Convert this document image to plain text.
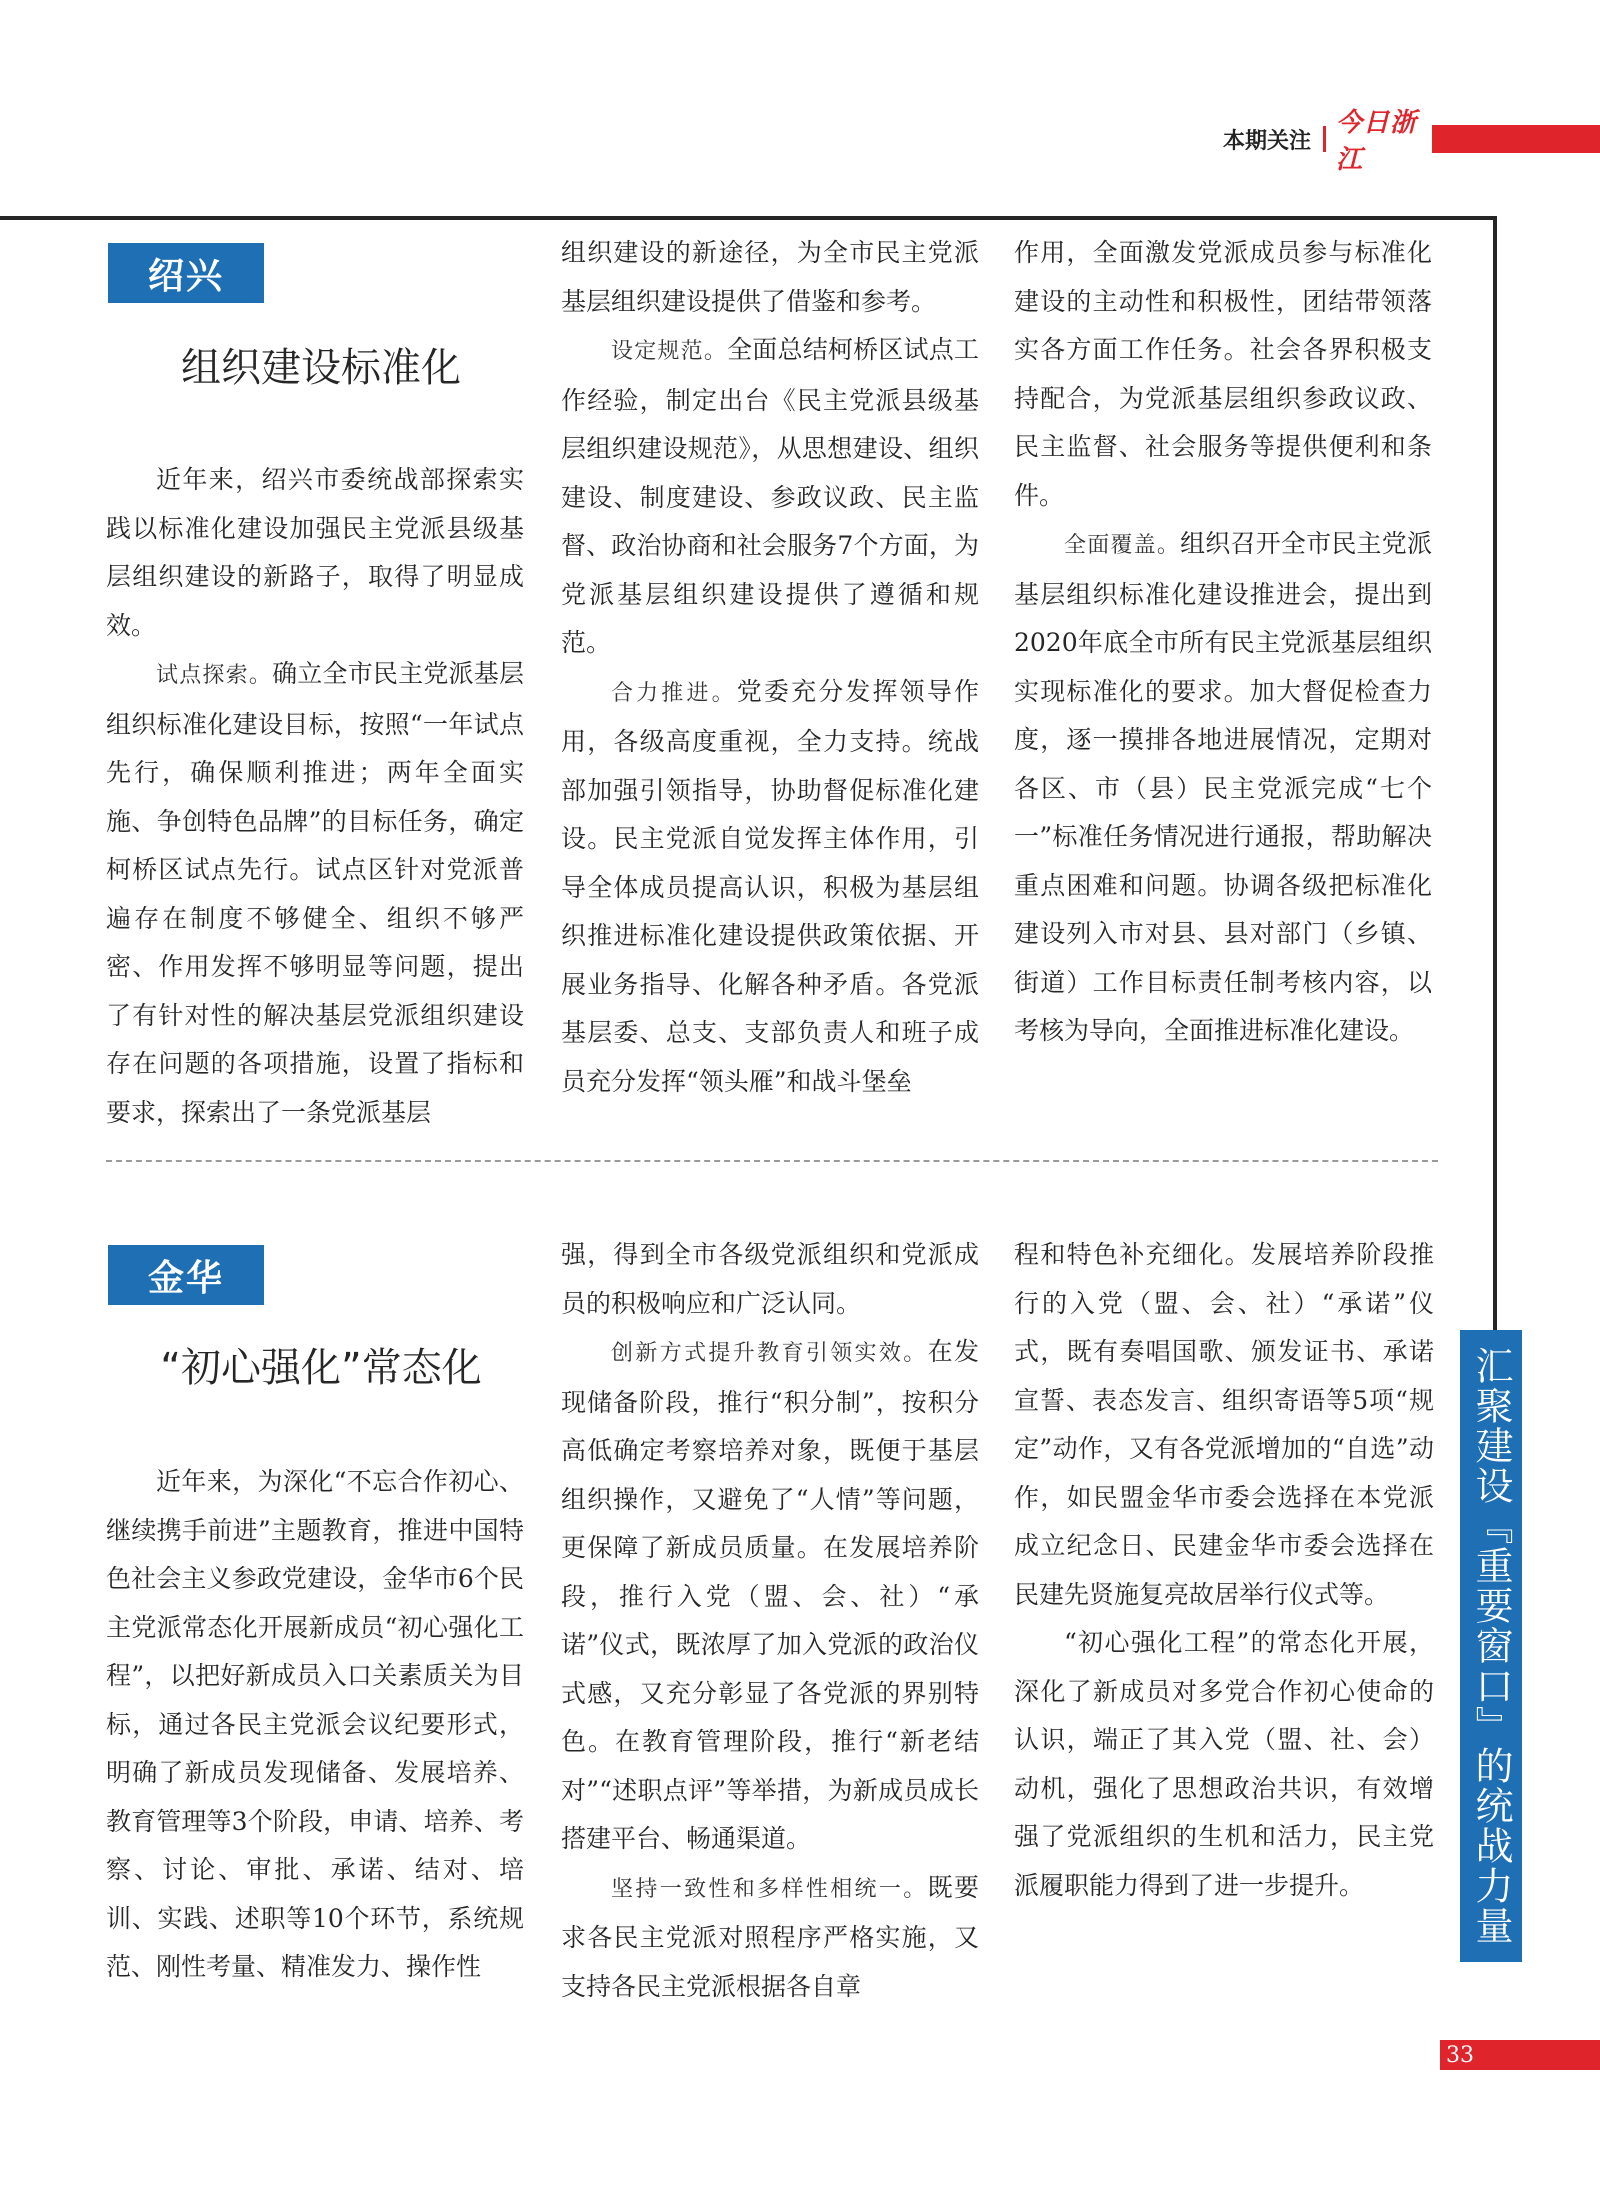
本期关注
今日浙江
绍兴
组织建设标准化

近年来，绍兴市委统战部探索实践以标准化建设加强民主党派县级基层组织建设的新路子，取得了明显成效。

试点探索。确立全市民主党派基层组织标准化建设目标，按照“一年试点先行，确保顺利推进；两年全面实施、争创特色品牌”的目标任务，确定柯桥区试点先行。试点区针对党派普遍存在制度不够健全、组织不够严密、作用发挥不够明显等问题，提出了有针对性的解决基层党派组织建设存在问题的各项措施，设置了指标和要求，探索出了一条党派基层

组织建设的新途径，为全市民主党派基层组织建设提供了借鉴和参考。

设定规范。全面总结柯桥区试点工作经验，制定出台《民主党派县级基层组织建设规范》，从思想建设、组织建设、制度建设、参政议政、民主监督、政治协商和社会服务7个方面，为党派基层组织建设提供了遵循和规范。

合力推进。党委充分发挥领导作用，各级高度重视，全力支持。统战部加强引领指导，协助督促标准化建设。民主党派自觉发挥主体作用，引导全体成员提高认识，积极为基层组织推进标准化建设提供政策依据、开展业务指导、化解各种矛盾。各党派基层委、总支、支部负责人和班子成员充分发挥“领头雁”和战斗堡垒

作用，全面激发党派成员参与标准化建设的主动性和积极性，团结带领落实各方面工作任务。社会各界积极支持配合，为党派基层组织参政议政、民主监督、社会服务等提供便利和条件。

全面覆盖。组织召开全市民主党派基层组织标准化建设推进会，提出到2020年底全市所有民主党派基层组织实现标准化的要求。加大督促检查力度，逐一摸排各地进展情况，定期对各区、市（县）民主党派完成“七个一”标准任务情况进行通报，帮助解决重点困难和问题。协调各级把标准化建设列入市对县、县对部门（乡镇、街道）工作目标责任制考核内容，以考核为导向，全面推进标准化建设。

金华
“初心强化”常态化

近年来，为深化“不忘合作初心、继续携手前进”主题教育，推进中国特色社会主义参政党建设，金华市6个民主党派常态化开展新成员“初心强化工程”，以把好新成员入口关素质关为目标，通过各民主党派会议纪要形式，明确了新成员发现储备、发展培养、教育管理等3个阶段，申请、培养、考察、讨论、审批、承诺、结对、培训、实践、述职等10个环节，系统规范、刚性考量、精准发力、操作性

强，得到全市各级党派组织和党派成员的积极响应和广泛认同。

创新方式提升教育引领实效。在发现储备阶段，推行“积分制”，按积分高低确定考察培养对象，既便于基层组织操作，又避免了“人情”等问题，更保障了新成员质量。在发展培养阶段，推行入党（盟、会、社）“承诺”仪式，既浓厚了加入党派的政治仪式感，又充分彰显了各党派的界别特色。在教育管理阶段，推行“新老结对”“述职点评”等举措，为新成员成长搭建平台、畅通渠道。

坚持一致性和多样性相统一。既要求各民主党派对照程序严格实施，又支持各民主党派根据各自章

程和特色补充细化。发展培养阶段推行的入党（盟、会、社）“承诺”仪式，既有奏唱国歌、颁发证书、承诺宣誓、表态发言、组织寄语等5项“规定”动作，又有各党派增加的“自选”动作，如民盟金华市委会选择在本党派成立纪念日、民建金华市委会选择在民建先贤施复亮故居举行仪式等。

“初心强化工程”的常态化开展，深化了新成员对多党合作初心使命的认识，端正了其入党（盟、社、会）动机，强化了思想政治共识，有效增强了党派组织的生机和活力，民主党派履职能力得到了进一步提升。	汇聚建设『重要窗口』的统战力量
33
